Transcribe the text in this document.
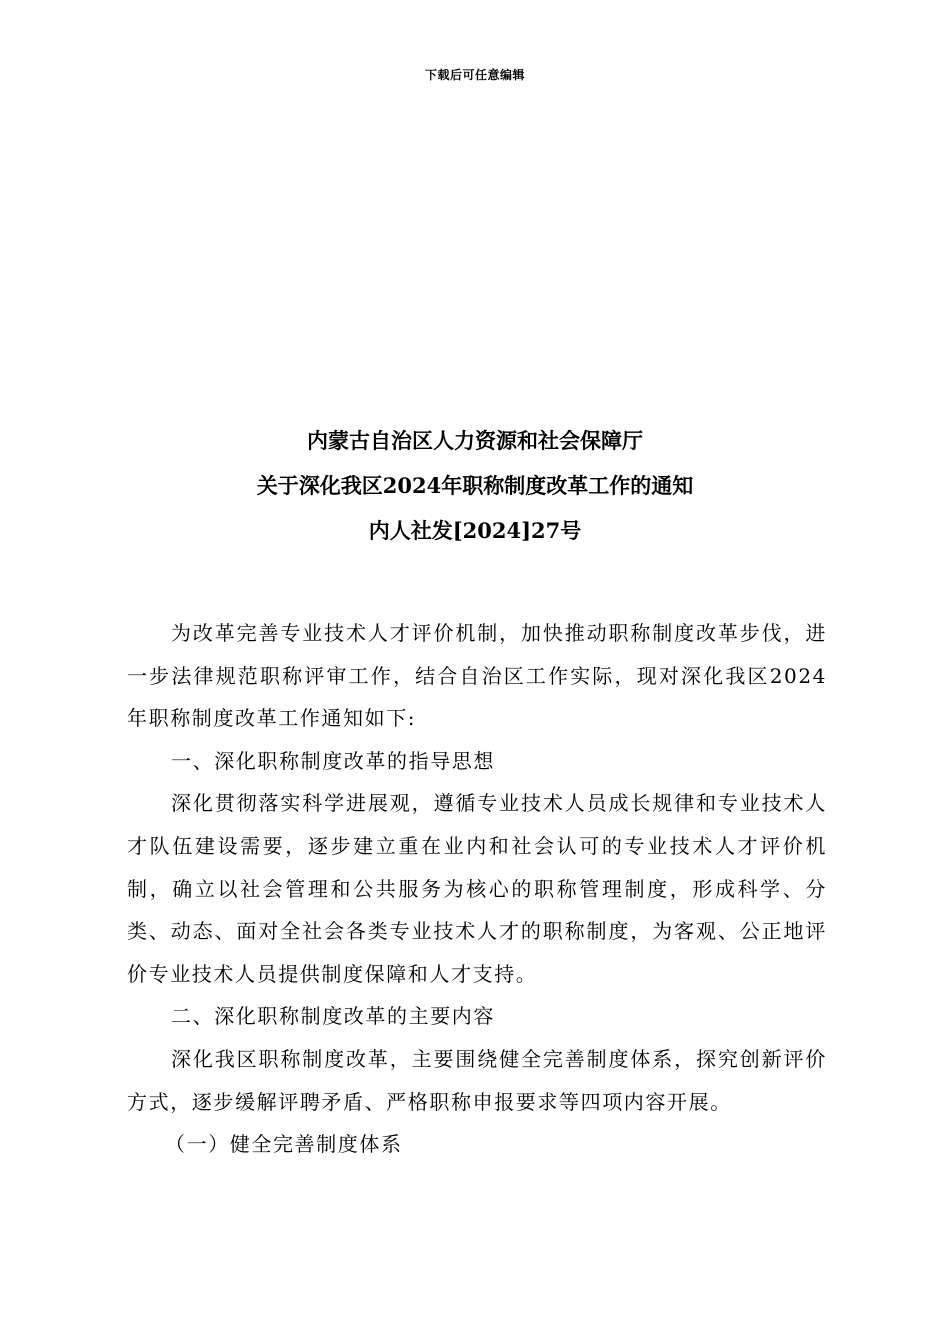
下载后可任意编辑
内蒙古自治区人力资源和社会保障厅
关于深化我区2024年职称制度改革工作的通知
内人社发[2024]27号

为改革完善专业技术人才评价机制，加快推动职称制度改革步伐，进一步法律规范职称评审工作，结合自治区工作实际，现对深化我区2024年职称制度改革工作通知如下:

一、深化职称制度改革的指导思想

深化贯彻落实科学进展观，遵循专业技术人员成长规律和专业技术人才队伍建设需要，逐步建立重在业内和社会认可的专业技术人才评价机制，确立以社会管理和公共服务为核心的职称管理制度，形成科学、分类、动态、面对全社会各类专业技术人才的职称制度，为客观、公正地评价专业技术人员提供制度保障和人才支持。

二、深化职称制度改革的主要内容

深化我区职称制度改革，主要围绕健全完善制度体系，探究创新评价方式，逐步缓解评聘矛盾、严格职称申报要求等四项内容开展。

（一）健全完善制度体系
